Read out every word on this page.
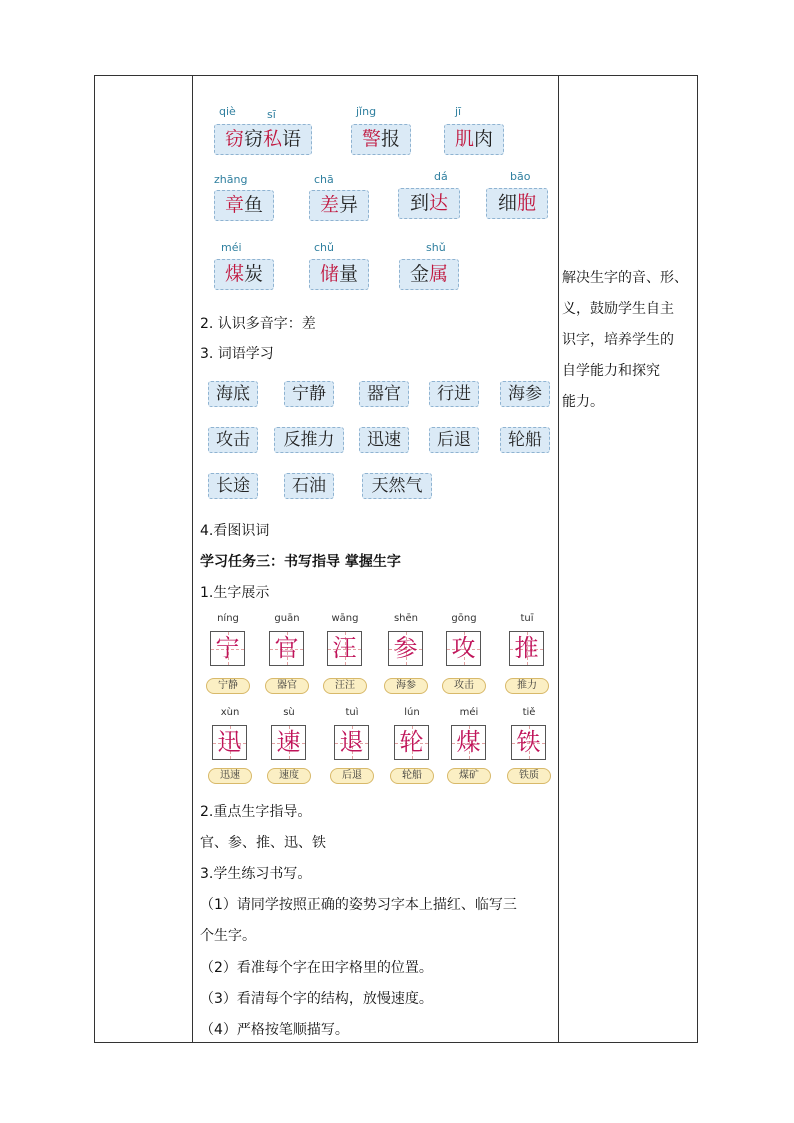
qiè	sī
窃窃私语
jǐng
警报
jī
肌肉
zhāng
章鱼
chā
差异
dá
到达
bāo
细胞
méi
煤炭
chǔ
储量
shǔ
金属
2. 认识多音字：差
3. 词语学习
海底	宁静	器官	行进	海参
攻击	反推力	迅速	后退	轮船
长途	石油	天然气
4.看图识词
学习任务三：书写指导 掌握生字
1.生字展示
níng
宁
宁静
guān
官
器官
wāng
汪
汪汪
shēn
参
海参
gōng
攻
攻击
tuī
推
推力
xùn
迅
迅速
sù
速
速度
tuì
退
后退
lún
轮
轮船
méi
煤
煤矿
tiě
铁
铁质
2.重点生字指导。
官、参、推、迅、铁
3.学生练习书写。
（1）请同学按照正确的姿势习字本上描红、临写三
个生字。
（2）看准每个字在田字格里的位置。
（3）看清每个字的结构，放慢速度。
（4）严格按笔顺描写。
解决生字的音、形、
义，鼓励学生自主
识字，培养学生的
自学能力和探究
能力。
